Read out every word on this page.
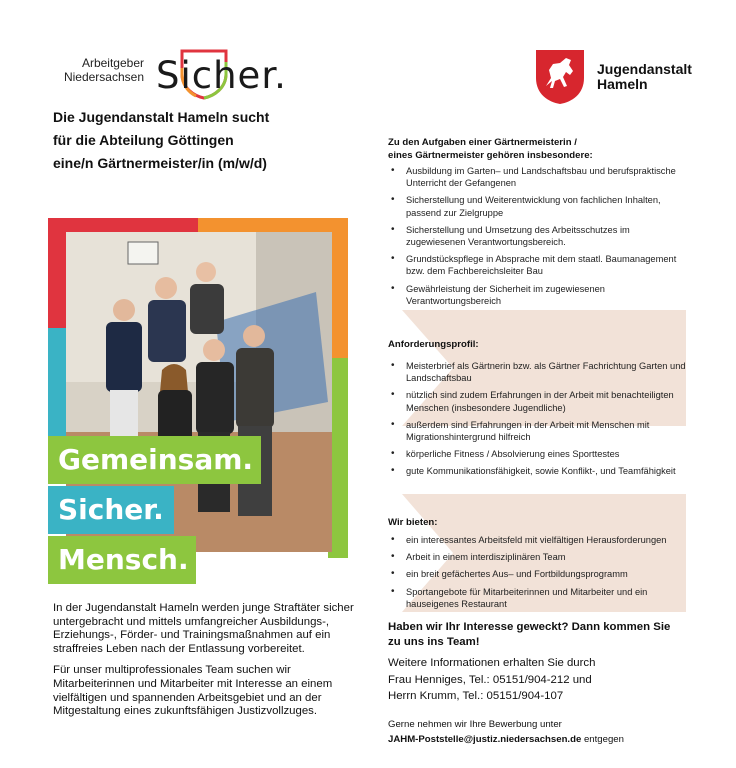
Arbeitgeber
Niedersachsen Sicher.	Jugendanstalt
Hameln
Die Jugendanstalt Hameln sucht
für die Abteilung Göttingen
eine/n Gärtnermeister/in (m/w/d)
Gemeinsam.
Sicher.
Mensch.

In der Jugendanstalt Hameln werden junge Straftäter sicher untergebracht und mittels umfangreicher Ausbildungs-, Erziehungs-, Förder- und Trainingsmaßnahmen auf ein straffreies Leben nach der Entlassung vorbereitet.

Für unser multiprofessionales Team suchen wir Mitarbeiterinnen und Mitarbeiter mit Interesse an einem vielfältigen und spannenden Arbeitsgebiet und an der Mitgestaltung eines zukunftsfähigen Justizvollzuges.

Zu den Aufgaben einer Gärtnermeisterin /
eines Gärtnermeister gehören insbesondere:
• Ausbildung im Garten– und Landschaftsbau und berufspraktische Unterricht der Gefangenen
• Sicherstellung und Weiterentwicklung von fachlichen Inhalten, passend zur Zielgruppe
• Sicherstellung und Umsetzung des Arbeitsschutzes im zugewiesenen Verantwortungsbereich.
• Grundstückspflege in Absprache mit dem staatl. Baumanagement bzw. dem Fachbereichsleiter Bau
• Gewährleistung der Sicherheit im zugewiesenen Verantwortungsbereich
Anforderungsprofil:
• Meisterbrief als Gärtnerin bzw. als Gärtner Fachrichtung Garten und Landschaftsbau
• nützlich sind zudem Erfahrungen in der Arbeit mit benachteiligten Menschen (insbesondere Jugendliche)
• außerdem sind Erfahrungen in der Arbeit mit Menschen mit Migrationshintergrund hilfreich
• körperliche Fitness / Absolvierung eines Sporttestes
• gute Kommunikationsfähigkeit, sowie Konflikt-, und Teamfähigkeit
Wir bieten:
• ein interessantes Arbeitsfeld mit vielfältigen Herausforderungen
• Arbeit in einem interdisziplinären Team
• ein breit gefächertes Aus– und Fortbildungsprogramm
• Sportangebote für Mitarbeiterinnen und Mitarbeiter und ein hauseigenes Restaurant
Haben wir Ihr Interesse geweckt? Dann kommen Sie
zu uns ins Team!
Weitere Informationen erhalten Sie durch
Frau Henniges, Tel.: 05151/904-212 und
Herrn Krumm, Tel.: 05151/904-107
Gerne nehmen wir Ihre Bewerbung unter
JAHM-Poststelle@justiz.niedersachsen.de entgegen
